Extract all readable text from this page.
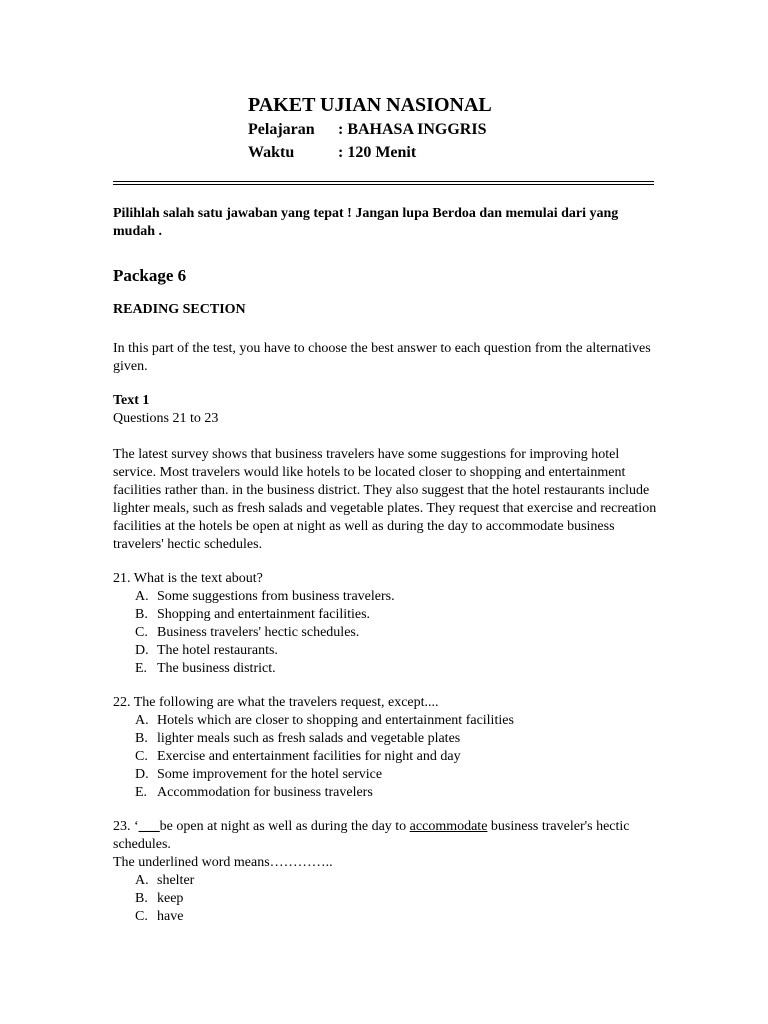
PAKET UJIAN NASIONAL
Pelajaran	: BAHASA INGGRIS
Waktu	: 120 Menit

Pilihlah salah satu jawaban yang tepat ! Jangan lupa Berdoa dan memulai dari yang mudah .

Package 6

READING SECTION

In this part of the test, you have to choose the best answer to each question from the alternatives given.

Text 1

Questions 21 to 23

The latest survey shows that business travelers have some suggestions for improving hotel service. Most travelers would like hotels to be located closer to shopping and entertainment facilities rather than. in the business district. They also suggest that the hotel restaurants include lighter meals, such as fresh salads and vegetable plates. They request that exercise and recreation facilities at the hotels be open at night as well as during the day to accommodate business travelers' hectic schedules.

21. What is the text about?

A. Some suggestions from business travelers.
B. Shopping and entertainment facilities.
C. Business travelers' hectic schedules.
D. The hotel restaurants.
E. The business district.

22. The following are what the travelers request, except....

A. Hotels which are closer to shopping and entertainment facilities
B. lighter meals such as fresh salads and vegetable plates
C. Exercise and entertainment facilities for night and day
D. Some improvement for the hotel service
E. Accommodation for business travelers

23. ‘___be open at night as well as during the day to accommodate business traveler's hectic schedules.

The underlined word means…………..

A. shelter
B. keep
C. have
